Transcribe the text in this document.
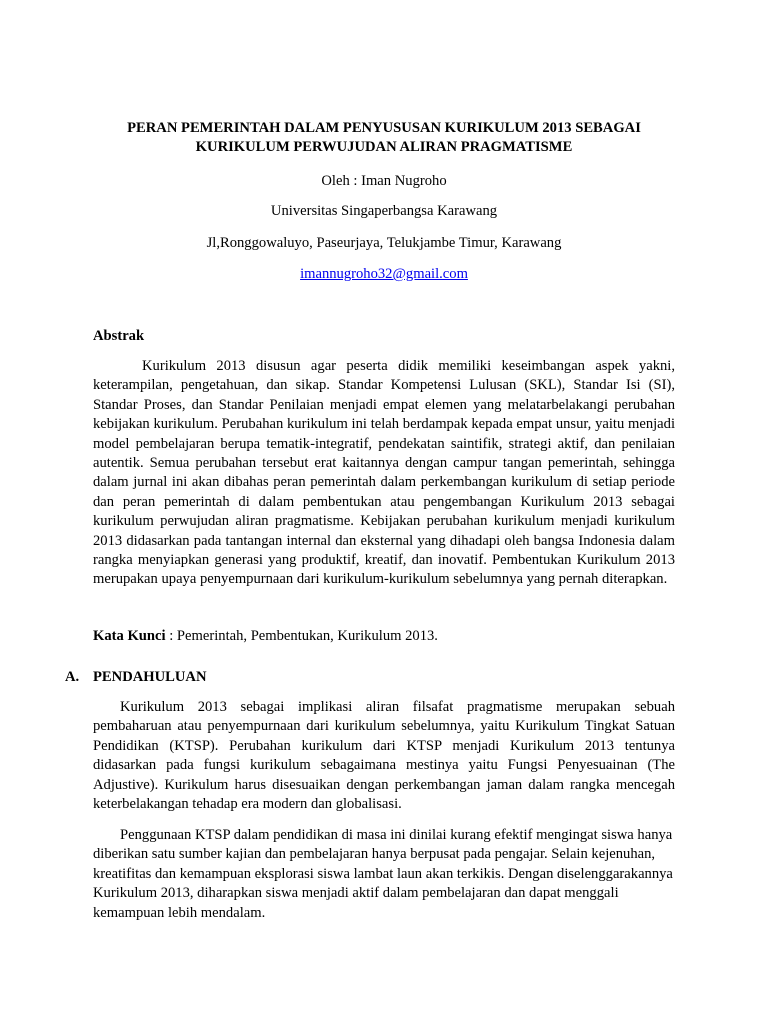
PERAN PEMERINTAH DALAM PENYUSUSAN KURIKULUM 2013 SEBAGAI
KURIKULUM PERWUJUDAN ALIRAN PRAGMATISME
Oleh : Iman Nugroho
Universitas Singaperbangsa Karawang
Jl,Ronggowaluyo, Paseurjaya, Telukjambe Timur, Karawang
imannugroho32@gmail.com
Abstrak

Kurikulum 2013 disusun agar peserta didik memiliki keseimbangan aspek yakni, keterampilan, pengetahuan, dan sikap. Standar Kompetensi Lulusan (SKL), Standar Isi (SI), Standar Proses, dan Standar Penilaian menjadi empat elemen yang melatarbelakangi perubahan kebijakan kurikulum. Perubahan kurikulum ini telah berdampak kepada empat unsur, yaitu menjadi model pembelajaran berupa tematik-integratif, pendekatan saintifik, strategi aktif, dan penilaian autentik. Semua perubahan tersebut erat kaitannya dengan campur tangan pemerintah, sehingga dalam jurnal ini akan dibahas peran pemerintah dalam perkembangan kurikulum di setiap periode dan peran pemerintah di dalam pembentukan atau pengembangan Kurikulum 2013 sebagai kurikulum perwujudan aliran pragmatisme. Kebijakan perubahan kurikulum menjadi kurikulum 2013 didasarkan pada tantangan internal dan eksternal yang dihadapi oleh bangsa Indonesia dalam rangka menyiapkan generasi yang produktif, kreatif, dan inovatif. Pembentukan Kurikulum 2013 merupakan upaya penyempurnaan dari kurikulum-kurikulum sebelumnya yang pernah diterapkan.

Kata Kunci : Pemerintah, Pembentukan, Kurikulum 2013.
A. PENDAHULUAN

Kurikulum 2013 sebagai implikasi aliran filsafat pragmatisme merupakan sebuah pembaharuan atau penyempurnaan dari kurikulum sebelumnya, yaitu Kurikulum Tingkat Satuan Pendidikan (KTSP). Perubahan kurikulum dari KTSP menjadi Kurikulum 2013 tentunya didasarkan pada fungsi kurikulum sebagaimana mestinya yaitu Fungsi Penyesuainan (The Adjustive). Kurikulum harus disesuaikan dengan perkembangan jaman dalam rangka mencegah keterbelakangan tehadap era modern dan globalisasi.

Penggunaan KTSP dalam pendidikan di masa ini dinilai kurang efektif mengingat siswa hanya diberikan satu sumber kajian dan pembelajaran hanya berpusat pada pengajar. Selain kejenuhan, kreatifitas dan kemampuan eksplorasi siswa lambat laun akan terkikis. Dengan diselenggarakannya Kurikulum 2013, diharapkan siswa menjadi aktif dalam pembelajaran dan dapat menggali kemampuan lebih mendalam.
